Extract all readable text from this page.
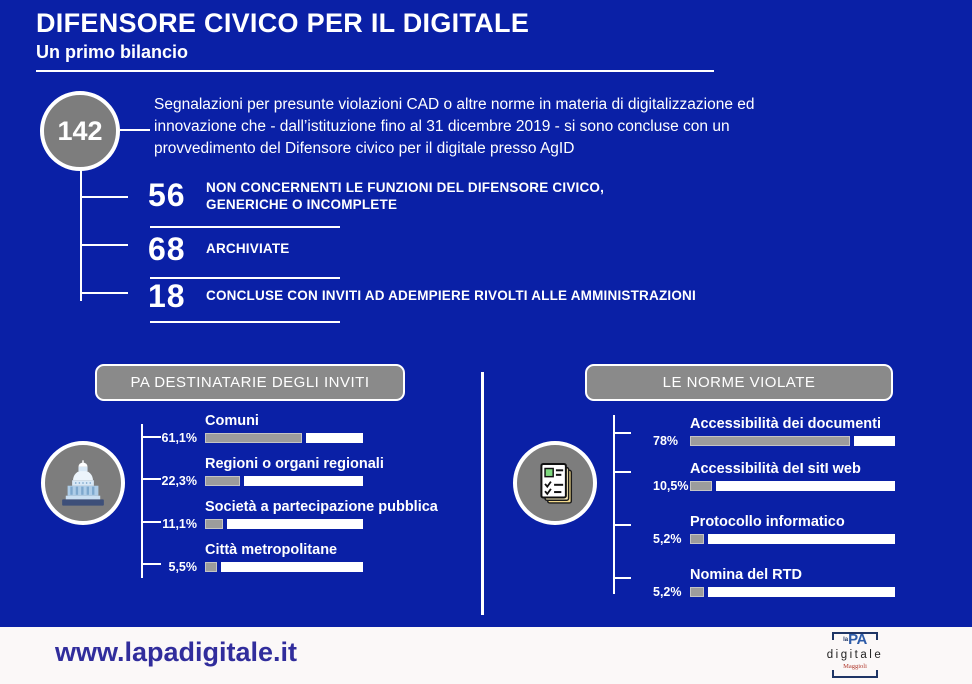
DIFENSORE CIVICO PER IL DIGITALE
Un primo bilancio
142

Segnalazioni per presunte violazioni CAD o altre norme in materia di digitalizzazione ed innovazione che - dall’istituzione fino al 31 dicembre 2019 - si sono concluse con un provvedimento del Difensore civico per il digitale presso AgID

56	NON CONCERNENTI LE FUNZIONI DEL DIFENSORE CIVICO, GENERICHE O INCOMPLETE
68	ARCHIVIATE
18	CONCLUSE CON INVITI AD ADEMPIERE RIVOLTI ALLE AMMINISTRAZIONI
PA DESTINATARIE DEGLI INVITI	LE NORME VIOLATE
Comuni
61,1%
Regioni o organi regionali
22,3%
Società a partecipazione pubblica
11,1%
Città metropolitane
5,5%
Accessibilità dei documenti
78%
Accessibilità deI sitI web
10,5%
Protocollo informatico
5,2%
Nomina del RTD
5,2%
www.lapadigitale.it	laPA
digitale
Maggioli
